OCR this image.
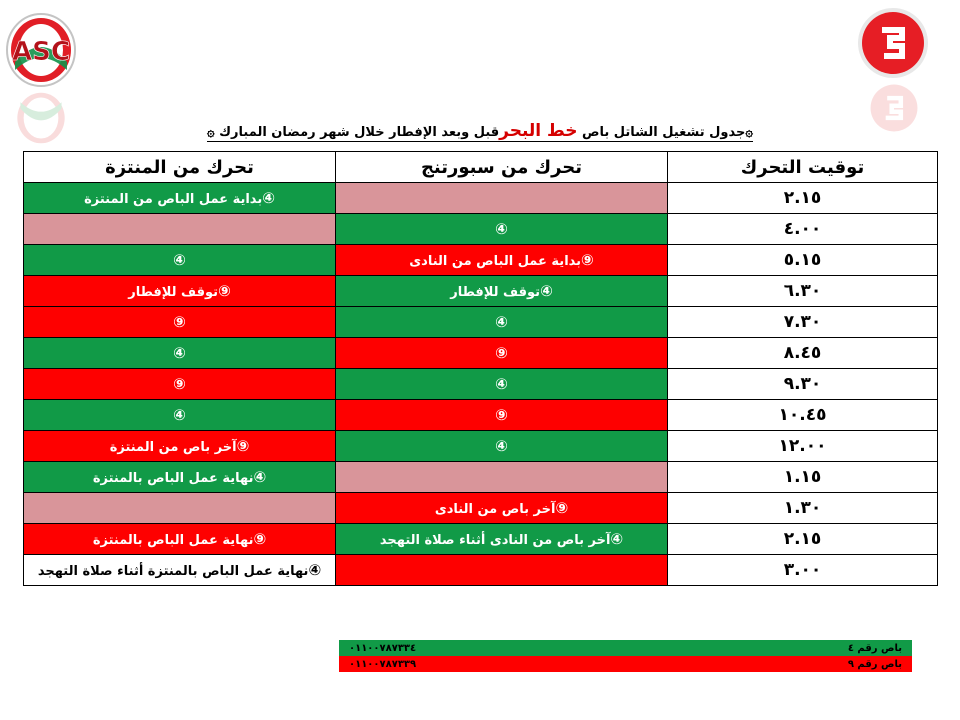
ASC
۞جدول تشغيل الشاتل باص خط البحرقبل وبعد الإفطار خلال شهر رمضان المبارك ۞
تحرك من المنتزة	تحرك من سبورتنج	توقيت التحرك
④بداية عمل الباص من المنتزة		٢.١٥
	④	٤.٠٠
④	⑨بداية عمل الباص من النادى	٥.١٥
⑨توقف للإفطار	④توقف للإفطار	٦.٣٠
⑨	④	٧.٣٠
④	⑨	٨.٤٥
⑨	④	٩.٣٠
④	⑨	١٠.٤٥
⑨آخر باص من المنتزة	④	١٢.٠٠
④نهاية عمل الباص بالمنتزة		١.١٥
	⑨آخر باص من النادى	١.٣٠
⑨نهاية عمل الباص بالمنتزة	④آخر باص من النادى أثناء صلاة التهجد	٢.١٥
④نهاية عمل الباص بالمنتزة أثناء صلاة التهجد		٣.٠٠
٠١١٠٠٧٨٧٣٣٤	باص رقم ٤
٠١١٠٠٧٨٧٣٣٩	باص رقم ٩
